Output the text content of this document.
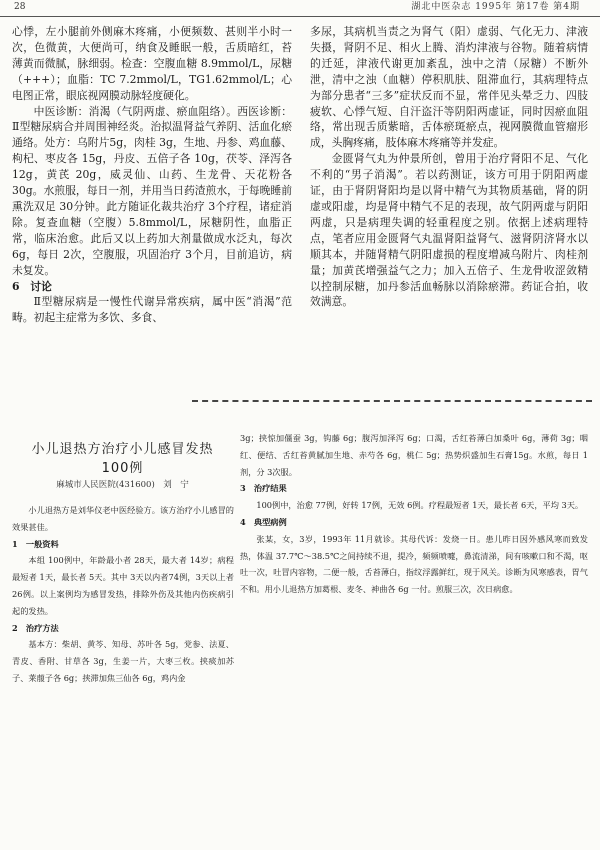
28	湖北中医杂志 1995年 第17卷 第4期

心悸，左小腿前外侧麻木疼痛，小便频数、甚则半小时一次，色微黄，大便尚可，纳食及睡眠一般，舌质暗红，苔薄黄而微腻，脉细弱。检查：空腹血糖 8.9mmol/L，尿糖（+++）；血脂：TC 7.2mmol/L，TG1.62mmol/L；心电图正常，眼底视网膜动脉轻度硬化。

中医诊断：消渴（气阴两虚、瘀血阻络）。西医诊断：Ⅱ型糖尿病合并周围神经炎。治拟温肾益气养阴、活血化瘀通络。处方：乌附片5g，肉桂 3g，生地、丹参、鸡血藤、枸杞、枣皮各 15g，丹皮、五倍子各 10g，茯苓、泽泻各12g，黄芪 20g，威灵仙、山药、生龙骨、天花粉各 30g。水煎服，每日一剂，并用当日药渣煎水，于每晚睡前熏洗双足 30分钟。此方随证化裁共治疗 3个疗程，诸症消除。复查血糖（空腹）5.8mmol/L，尿糖阴性，血脂正常，临床治愈。此后又以上药加大剂量做成水泛丸，每次 6g，每日 2次，空腹服，巩固治疗 3个月，目前追访，病未复发。

6　讨论

Ⅱ型糖尿病是一慢性代谢异常疾病，属中医“消渴”范畴。初起主症常为多饮、多食、

多尿，其病机当责之为肾气（阳）虚弱、气化无力、津液失摄，肾阴不足、相火上腾、消灼津液与谷物。随着病情的迁延，津液代谢更加紊乱，浊中之清（尿糖）不断外泄，清中之浊（血糖）停积肌肤、阻滞血行，其病理特点为部分患者“三多”症状反而不显，常伴见头晕乏力、四肢疲软、心悸气短、自汗盗汗等阴阳两虚证，同时因瘀血阻络，常出现舌质紫暗，舌体瘀斑瘀点，视网膜微血管瘤形成，头胸疼痛，肢体麻木疼痛等并发症。

金匮肾气丸为仲景所创，曾用于治疗肾阳不足、气化不利的“男子消渴”。若以药测证，该方可用于阴阳两虚证，由于肾阴肾阳均是以肾中精气为其物质基础，肾的阴虚或阳虚，均是肾中精气不足的表现，故气阴两虚与阴阳两虚，只是病理失调的轻重程度之别。依据上述病理特点，笔者应用金匮肾气丸温肾阳益肾气、滋肾阴济肾水以顺其本，并随肾精气阴阳虚损的程度增减乌附片、肉桂剂量；加黄芪增强益气之力；加入五倍子、生龙骨收涩敛精以控制尿糖，加丹参活血畅脉以消除瘀滞。药证合拍，收效满意。

小儿退热方治疗小儿感冒发热100例
麻城市人民医院(431600)　刘　宁

小儿退热方是刘华仪老中医经验方。该方治疗小儿感冒的效果甚佳。

1　一般资料

本组 100例中，年龄最小者 28天，最大者 14岁；病程最短者 1天，最长者 5天。其中 3天以内者74例，3天以上者 26例。以上案例均为感冒发热，排除外伤及其他内伤疾病引起的发热。

2　治疗方法

基本方：柴胡、黄芩、知母、苏叶各 5g，党参、法夏、青皮、香附、甘草各 3g，生姜一片，大枣三枚。挟痰加苏子、莱菔子各 6g；挟滞加焦三仙各 6g，鸡内金

3g；挟惊加僵蚕 3g，钩藤 6g；腹泻加泽泻 6g；口渴，舌红苔薄白加桑叶 6g，薄荷 3g；咽红、便结、舌红苔黄腻加生地、赤芍各 6g，桃仁 5g；热势炽盛加生石膏15g。水煎，每日 1剂，分 3次服。

3　治疗结果

100例中，治愈 77例，好转 17例，无效 6例。疗程最短者 1天，最长者 6天，平均 3天。

4　典型病例

张某，女，3岁，1993年 11月就诊。其母代诉：发烧一日。患儿昨日因外感风寒而致发热，体温 37.7℃～38.5℃之间持续不退，提冷，频频喷嚏，鼻流清涕，间有咳嗽口和不渴，呕吐一次，吐冒内容物，二便一般，舌苔薄白，指纹浮露鲜红，现于风关。诊断为风寒感表，胃气不和。用小儿退热方加葛根、麦冬、神曲各 6g 一付。煎服三次，次日病愈。
